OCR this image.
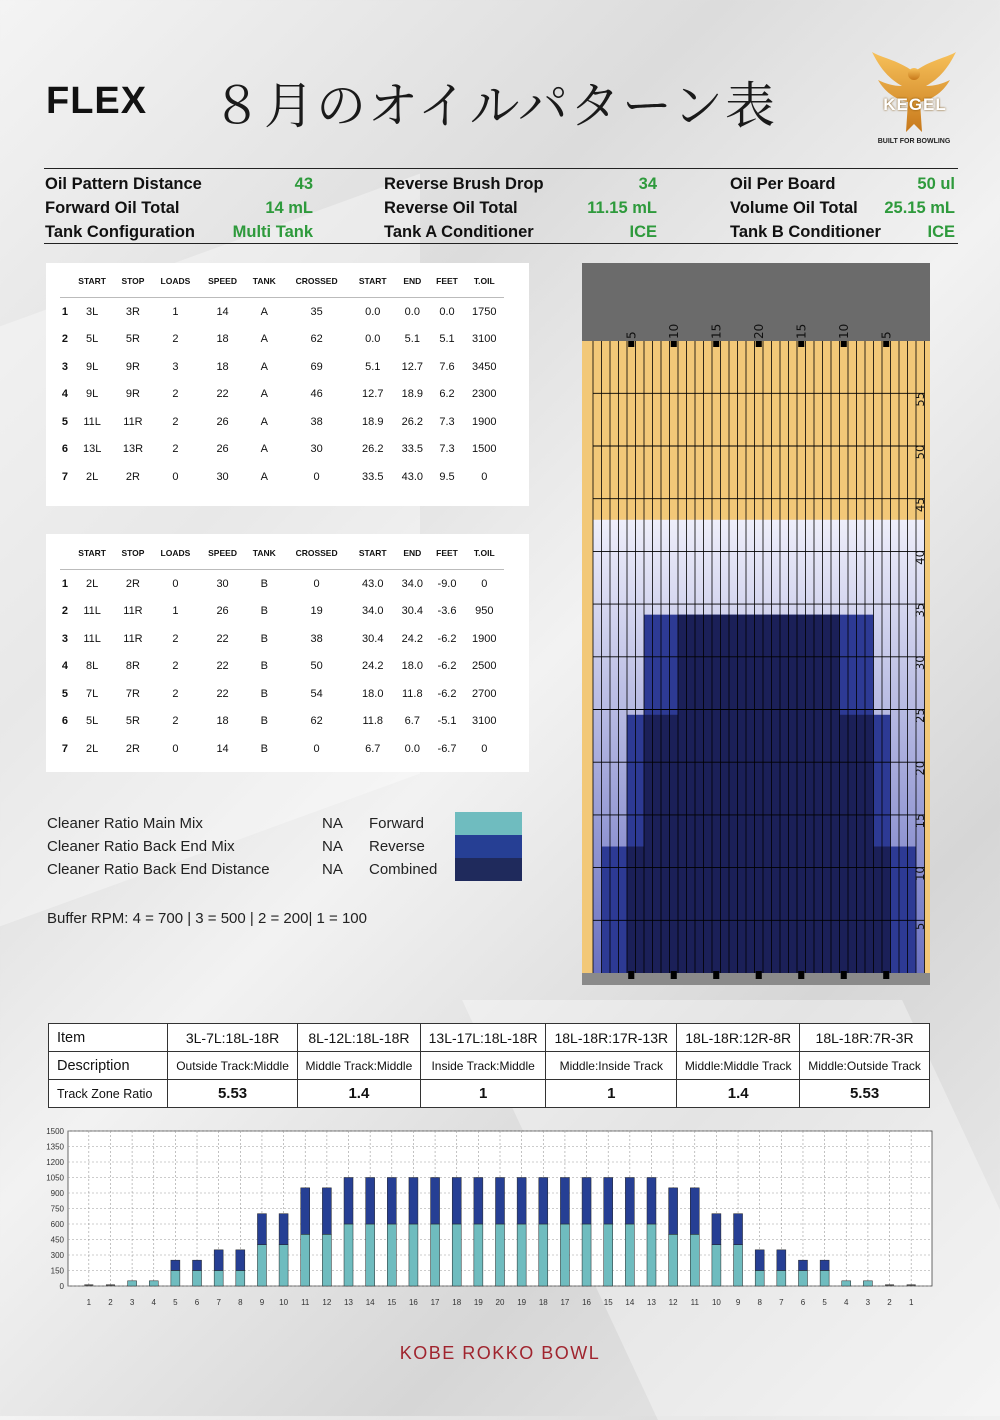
FLEX ８月のオイルパターン表	KEGEL
BUILT FOR BOWLING
Oil Pattern Distance	43
Forward Oil Total	14 mL
Tank Configuration	Multi Tank
Reverse Brush Drop	34
Reverse Oil Total	11.15 mL
Tank A Conditioner	ICE
Oil Per Board	50 ul
Volume Oil Total	25.15 mL
Tank B Conditioner	ICE
	START	STOP	LOADS	SPEED	TANK	CROSSED	START	END	FEET	T.OIL
1	3L	3R	1	14	A	35	0.0	0.0	0.0	1750
2	5L	5R	2	18	A	62	0.0	5.1	5.1	3100
3	9L	9R	3	18	A	69	5.1	12.7	7.6	3450
4	9L	9R	2	22	A	46	12.7	18.9	6.2	2300
5	11L	11R	2	26	A	38	18.9	26.2	7.3	1900
6	13L	13R	2	26	A	30	26.2	33.5	7.3	1500
7	2L	2R	0	30	A	0	33.5	43.0	9.5	0
	START	STOP	LOADS	SPEED	TANK	CROSSED	START	END	FEET	T.OIL
1	2L	2R	0	30	B	0	43.0	34.0	-9.0	0
2	11L	11R	1	26	B	19	34.0	30.4	-3.6	950
3	11L	11R	2	22	B	38	30.4	24.2	-6.2	1900
4	8L	8R	2	22	B	50	24.2	18.0	-6.2	2500
5	7L	7R	2	22	B	54	18.0	11.8	-6.2	2700
6	5L	5R	2	18	B	62	11.8	6.7	-5.1	3100
7	2L	2R	0	14	B	0	6.7	0.0	-6.7	0
Cleaner Ratio Main Mix	NA Forward
Cleaner Ratio Back End Mix	NA Reverse
Cleaner Ratio Back End Distance	NA Combined
Buffer RPM: 4 = 700 | 3 = 500 | 2 = 200| 1 = 100
5 10 15 20 15 10 5
55
50
45
40
35
30
25
20
15
10
5
Item	3L-7L:18L-18R	8L-12L:18L-18R	13L-17L:18L-18R	18L-18R:17R-13R	18L-18R:12R-8R	18L-18R:7R-3R
Description	Outside Track:Middle	Middle Track:Middle	Inside Track:Middle	Middle:Inside Track	Middle:Middle Track	Middle:Outside Track
Track Zone Ratio	5.53	1.4	1	1	1.4	5.53
0
150
300
450
600
750
900
1050
1200
1350
1500
1 2 3 4 5 6 7 8 9 10 11 12 13 14 15 16 17 18 19 20 19 18 17 16 15 14 13 12 11 10 9 8 7 6 5 4 3 2 1
KOBE ROKKO BOWL
